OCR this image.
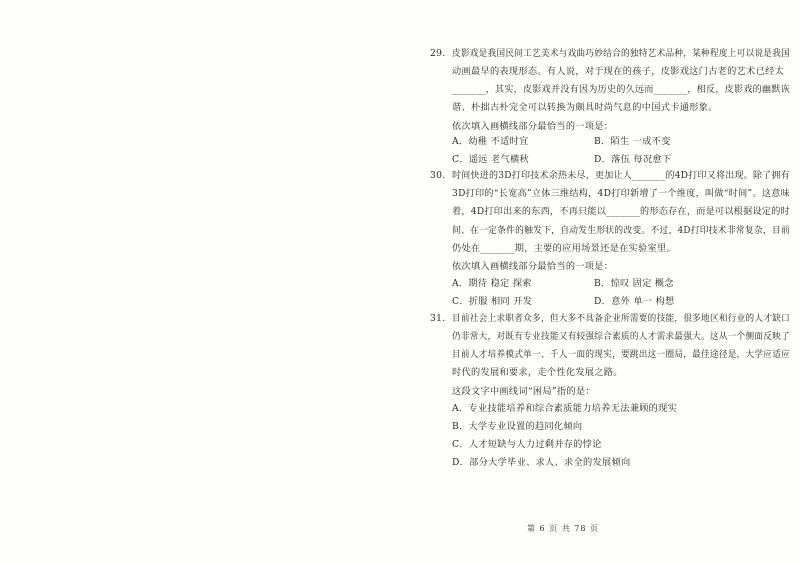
29. 皮影戏是我国民间工艺美术与戏曲巧妙结合的独特艺术品种，某种程度上可以说是我国
动画最早的表现形态。有人说，对于现在的孩子，皮影戏这门古老的艺术已经太
_______，其实，皮影戏并没有因为历史的久远而_______，相反，皮影戏的幽默诙
谐、朴拙古朴完全可以转换为颇具时尚气息的中国式卡通形象。
依次填入画横线部分最恰当的一项是：
A．幼稚 不适时宜	B．陌生 一成不变
C．遥远 老气横秋	D．落伍 每况愈下
30. 时间快进的3D打印技术余热未尽，更加让人_______的4D打印又将出现。除了拥有
3D打印的“长宽高”立体三维结构，4D打印新增了一个维度，叫做“时间”。这意味
着，4D打印出来的东西，不再只能以_______的形态存在，而是可以根据设定的时
间、在一定条件的触发下，自动发生形状的改变。不过，4D打印技术非常复杂，目前
仍处在_______期，主要的应用场景还是在实验室里。
依次填入画横线部分最恰当的一项是：
A．期待 稳定 探索	B．惊叹 固定 概念
C．折服 相同 开发	D．意外 单一 构想
31. 目前社会上求职者众多，但大多不具备企业所需要的技能，很多地区和行业的人才缺口
仍非常大，对既有专业技能又有较强综合素质的人才需求最强大。这从一个侧面反映了
目前人才培养模式单一、千人一面的现实，要跳出这一圈局，最佳途径是，大学应适应
时代的发展和要求，走个性化发展之路。
这段文字中画线词“困局”指的是：
A．专业技能培养和综合素质能力培养无法兼顾的现实
B．大学专业设置的趋同化倾向
C．人才短缺与人力过剩并存的悖论
D．部分大学毕业、求人、求全的发展倾向
第 6 页 共 78 页
